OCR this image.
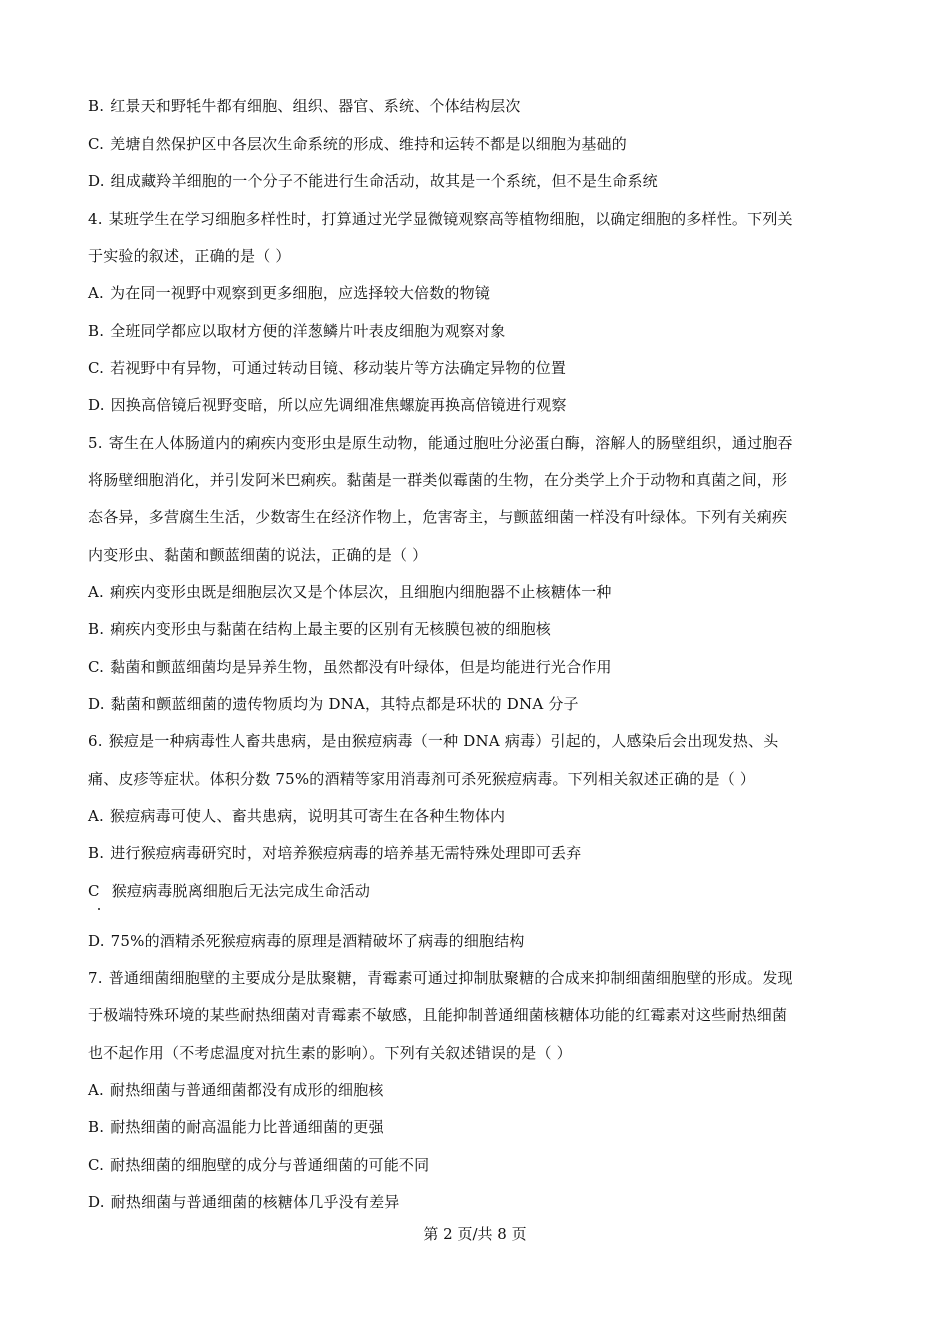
B. 红景天和野牦牛都有细胞、组织、器官、系统、个体结构层次
C. 羌塘自然保护区中各层次生命系统的形成、维持和运转不都是以细胞为基础的
D. 组成藏羚羊细胞的一个分子不能进行生命活动，故其是一个系统，但不是生命系统
4. 某班学生在学习细胞多样性时，打算通过光学显微镜观察高等植物细胞，以确定细胞的多样性。下列关
于实验的叙述，正确的是（ ）
A. 为在同一视野中观察到更多细胞，应选择较大倍数的物镜
B. 全班同学都应以取材方便的洋葱鳞片叶表皮细胞为观察对象
C. 若视野中有异物，可通过转动目镜、移动装片等方法确定异物的位置
D. 因换高倍镜后视野变暗，所以应先调细准焦螺旋再换高倍镜进行观察
5. 寄生在人体肠道内的痢疾内变形虫是原生动物，能通过胞吐分泌蛋白酶，溶解人的肠壁组织，通过胞吞
将肠壁细胞消化，并引发阿米巴痢疾。黏菌是一群类似霉菌的生物，在分类学上介于动物和真菌之间，形
态各异，多营腐生生活，少数寄生在经济作物上，危害寄主，与颤蓝细菌一样没有叶绿体。下列有关痢疾
内变形虫、黏菌和颤蓝细菌的说法，正确的是（ ）
A. 痢疾内变形虫既是细胞层次又是个体层次，且细胞内细胞器不止核糖体一种
B. 痢疾内变形虫与黏菌在结构上最主要的区别有无核膜包被的细胞核
C. 黏菌和颤蓝细菌均是异养生物，虽然都没有叶绿体，但是均能进行光合作用
D. 黏菌和颤蓝细菌的遗传物质均为 DNA，其特点都是环状的 DNA 分子
6. 猴痘是一种病毒性人畜共患病，是由猴痘病毒（一种 DNA 病毒）引起的，人感染后会出现发热、头
痛、皮疹等症状。体积分数 75%的酒精等家用消毒剂可杀死猴痘病毒。下列相关叙述正确的是（ ）
A. 猴痘病毒可使人、畜共患病，说明其可寄生在各种生物体内
B. 进行猴痘病毒研究时，对培养猴痘病毒的培养基无需特殊处理即可丢弃
C 猴痘病毒脱离细胞后无法完成生命活动
D. 75%的酒精杀死猴痘病毒的原理是酒精破坏了病毒的细胞结构
7. 普通细菌细胞壁的主要成分是肽聚糖，青霉素可通过抑制肽聚糖的合成来抑制细菌细胞壁的形成。发现
于极端特殊环境的某些耐热细菌对青霉素不敏感，且能抑制普通细菌核糖体功能的红霉素对这些耐热细菌
也不起作用（不考虑温度对抗生素的影响）。下列有关叙述错误的是（ ）
A. 耐热细菌与普通细菌都没有成形的细胞核
B. 耐热细菌的耐高温能力比普通细菌的更强
C. 耐热细菌的细胞壁的成分与普通细菌的可能不同
D. 耐热细菌与普通细菌的核糖体几乎没有差异
第 2 页/共 8 页
